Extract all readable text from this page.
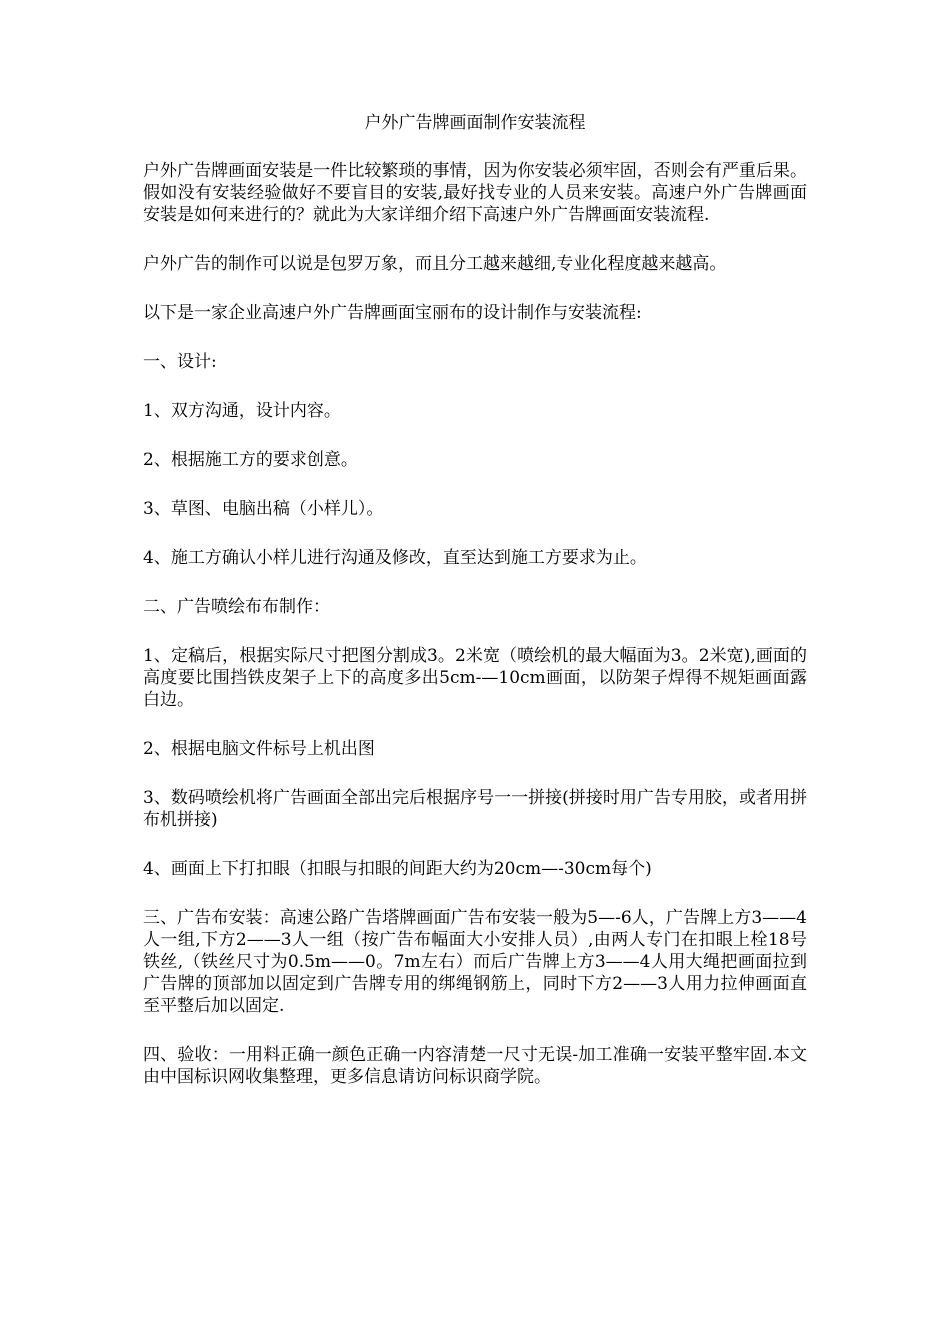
户外广告牌画面制作安装流程

户外广告牌画面安装是一件比较繁琐的事情，因为你安装必须牢固，否则会有严重后果。假如没有安装经验做好不要盲目的安装,最好找专业的人员来安装。高速户外广告牌画面安装是如何来进行的？就此为大家详细介绍下高速户外广告牌画面安装流程.

户外广告的制作可以说是包罗万象，而且分工越来越细,专业化程度越来越高。

以下是一家企业高速户外广告牌画面宝丽布的设计制作与安装流程:

一、设计:

1、双方沟通，设计内容。

2、根据施工方的要求创意。

3、草图、电脑出稿（小样儿）。

4、施工方确认小样儿进行沟通及修改，直至达到施工方要求为止。

二、广告喷绘布布制作：

1、定稿后，根据实际尺寸把图分割成3。2米宽（喷绘机的最大幅面为3。2米宽),画面的高度要比围挡铁皮架子上下的高度多出5cm-—10cm画面，以防架子焊得不规矩画面露白边。

2、根据电脑文件标号上机出图

3、数码喷绘机将广告画面全部出完后根据序号一一拼接(拼接时用广告专用胶，或者用拼布机拼接)

4、画面上下打扣眼（扣眼与扣眼的间距大约为20cm—-30cm每个)

三、广告布安装：高速公路广告塔牌画面广告布安装一般为5—-6人，广告牌上方3——4人一组,下方2——3人一组（按广告布幅面大小安排人员）,由两人专门在扣眼上栓18号铁丝,（铁丝尺寸为0.5m——0。7m左右）而后广告牌上方3——4人用大绳把画面拉到广告牌的顶部加以固定到广告牌专用的绑绳钢筋上，同时下方2——3人用力拉伸画面直至平整后加以固定.

四、验收：一用料正确一颜色正确一内容清楚一尺寸无误-加工准确一安装平整牢固.本文由中国标识网收集整理，更多信息请访问标识商学院。
